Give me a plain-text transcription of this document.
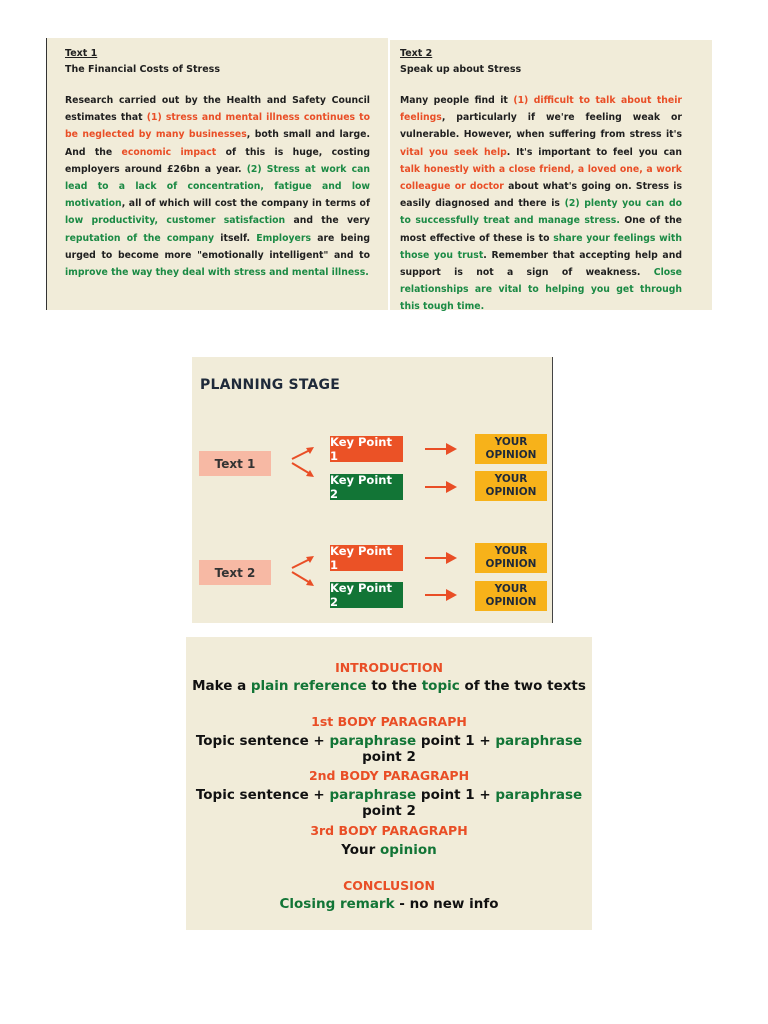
Text 1

The Financial Costs of Stress

Research carried out by the Health and Safety Council estimates that (1) stress and mental illness continues to be neglected by many businesses, both small and large. And the economic impact of this is huge, costing employers around £26bn a year. (2) Stress at work can lead to a lack of concentration, fatigue and low motivation, all of which will cost the company in terms of low productivity, customer satisfaction and the very reputation of the company itself. Employers are being urged to become more "emotionally intelligent" and to improve the way they deal with stress and mental illness.

Text 2

Speak up about Stress

Many people find it (1) difficult to talk about their feelings, particularly if we're feeling weak or vulnerable. However, when suffering from stress it's vital you seek help. It's important to feel you can talk honestly with a close friend, a loved one, a work colleague or doctor about what's going on. Stress is easily diagnosed and there is (2) plenty you can do to successfully treat and manage stress. One of the most effective of these is to share your feelings with those you trust. Remember that accepting help and support is not a sign of weakness. Close relationships are vital to helping you get through this tough time.

PLANNING STAGE
Text 1
Key Point 1
Key Point 2
YOUR
OPINION
YOUR
OPINION
Text 2
Key Point 1
Key Point 2
YOUR
OPINION
YOUR
OPINION
INTRODUCTION
Make a plain reference to the topic of the two texts
1st BODY PARAGRAPH
Topic sentence + paraphrase point 1 + paraphrase point 2
2nd BODY PARAGRAPH
Topic sentence + paraphrase point 1 + paraphrase point 2
3rd BODY PARAGRAPH
Your opinion
CONCLUSION
Closing remark - no new info
